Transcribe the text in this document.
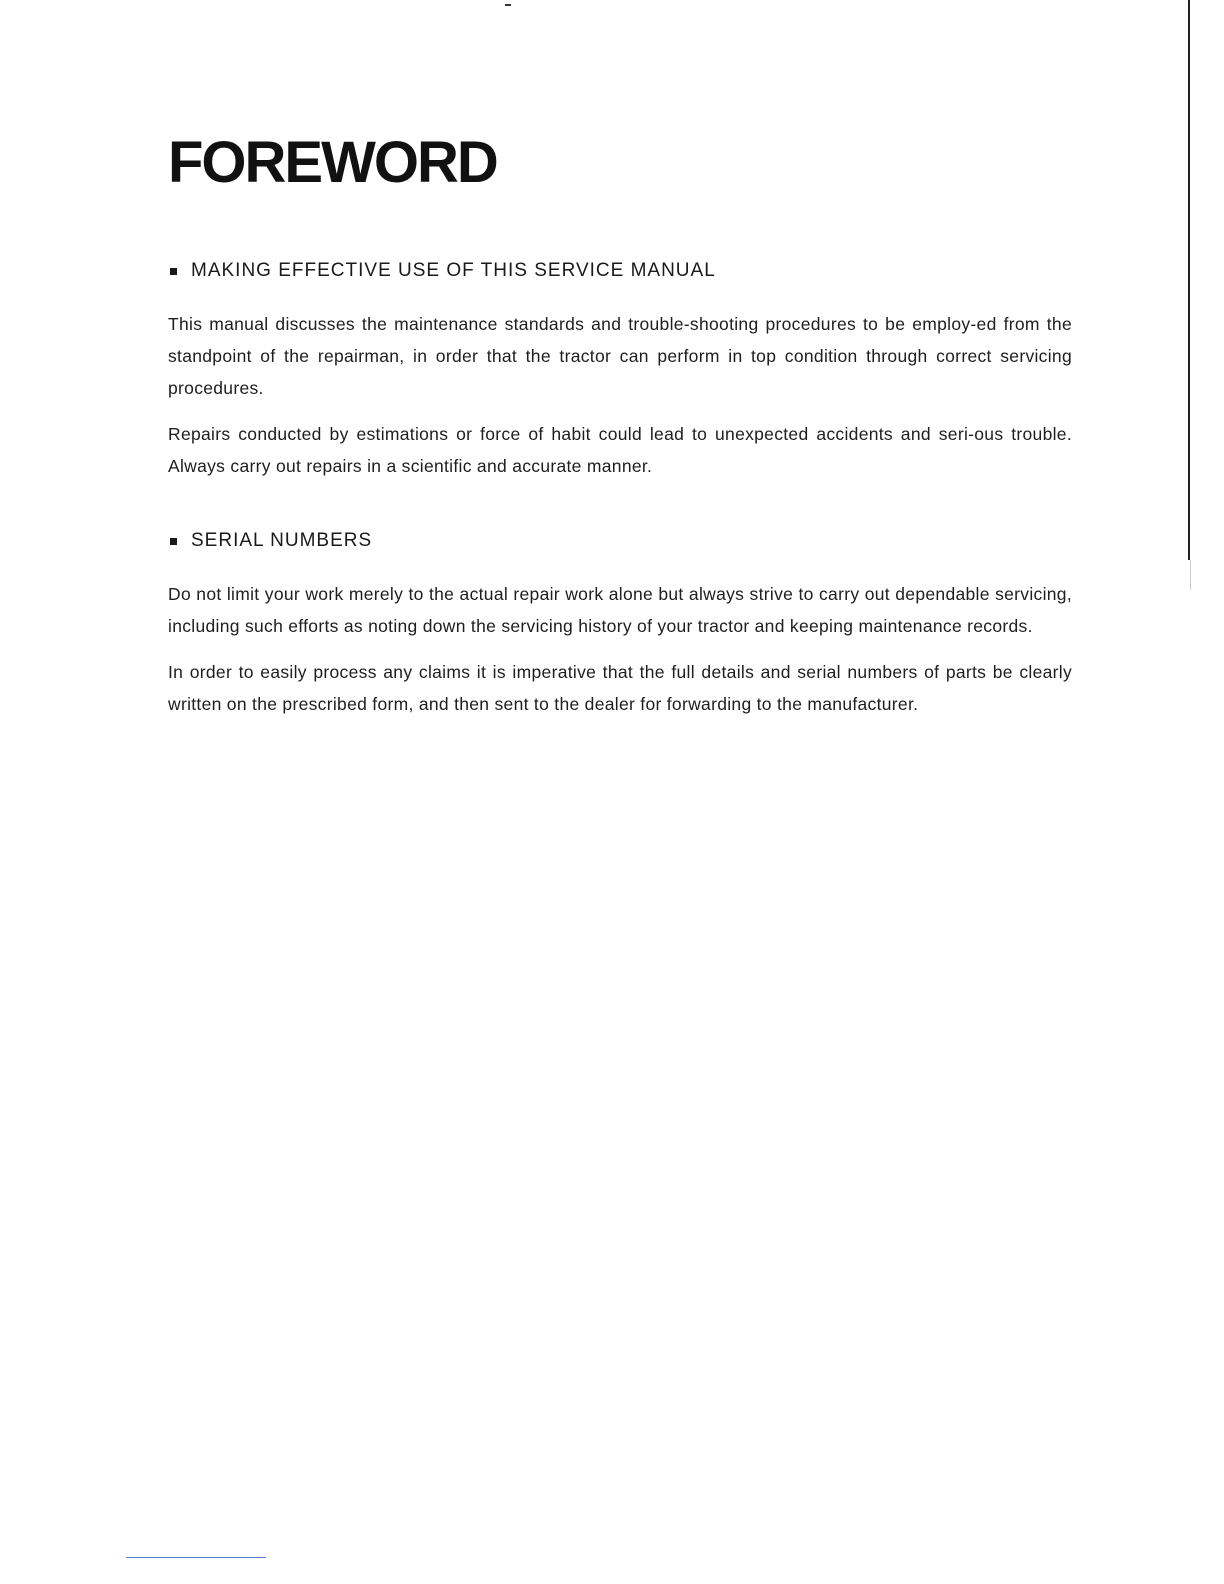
FOREWORD
MAKING EFFECTIVE USE OF THIS SERVICE MANUAL

This manual discusses the maintenance standards and trouble-shooting procedures to be employ-ed from the standpoint of the repairman, in order that the tractor can perform in top condition through correct servicing procedures.

Repairs conducted by estimations or force of habit could lead to unexpected accidents and seri-ous trouble. Always carry out repairs in a scientific and accurate manner.

SERIAL NUMBERS

Do not limit your work merely to the actual repair work alone but always strive to carry out dependable servicing, including such efforts as noting down the servicing history of your tractor and keeping maintenance records.

In order to easily process any claims it is imperative that the full details and serial numbers of parts be clearly written on the prescribed form, and then sent to the dealer for forwarding to the manufacturer.
